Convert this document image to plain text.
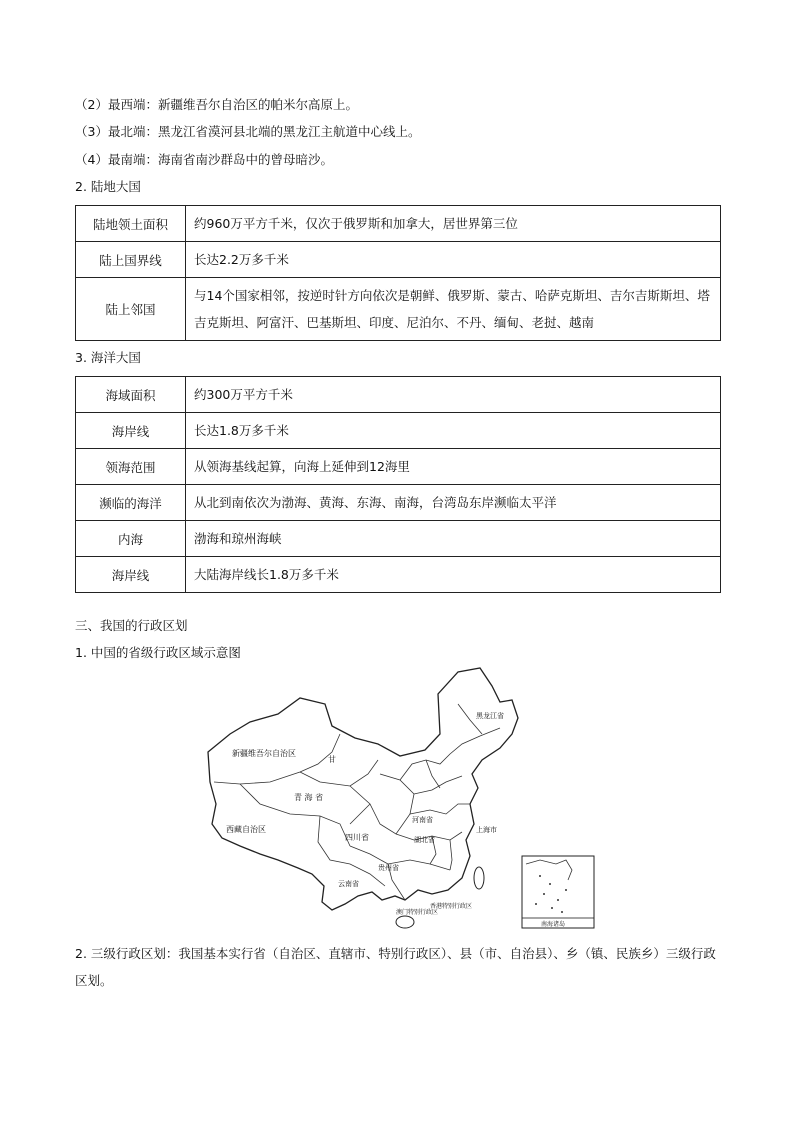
（2）最西端：新疆维吾尔自治区的帕米尔高原上。
（3）最北端：黑龙江省漠河县北端的黑龙江主航道中心线上。
（4）最南端：海南省南沙群岛中的曾母暗沙。
2. 陆地大国
陆地领土面积	约960万平方千米，仅次于俄罗斯和加拿大，居世界第三位
陆上国界线	长达2.2万多千米
陆上邻国	与14个国家相邻，按逆时针方向依次是朝鲜、俄罗斯、蒙古、哈萨克斯坦、吉尔吉斯斯坦、塔吉克斯坦、阿富汗、巴基斯坦、印度、尼泊尔、不丹、缅甸、老挝、越南
3. 海洋大国
海域面积	约300万平方千米
海岸线	长达1.8万多千米
领海范围	从领海基线起算，向海上延伸到12海里
濒临的海洋	从北到南依次为渤海、黄海、东海、南海，台湾岛东岸濒临太平洋
内海	渤海和琼州海峡
海岸线	大陆海岸线长1.8万多千米
三、我国的行政区划
1. 中国的省级行政区域示意图
新疆维吾尔自治区
西藏自治区
青 海 省
甘
四川省
云南省
黑龙江省
上海市
湖北省
河南省
贵州省
香港特别行政区
澳门特别行政区
南海诸岛
2. 三级行政区划：我国基本实行省（自治区、直辖市、特别行政区）、县（市、自治县）、乡（镇、民族乡）三级行政区划。
